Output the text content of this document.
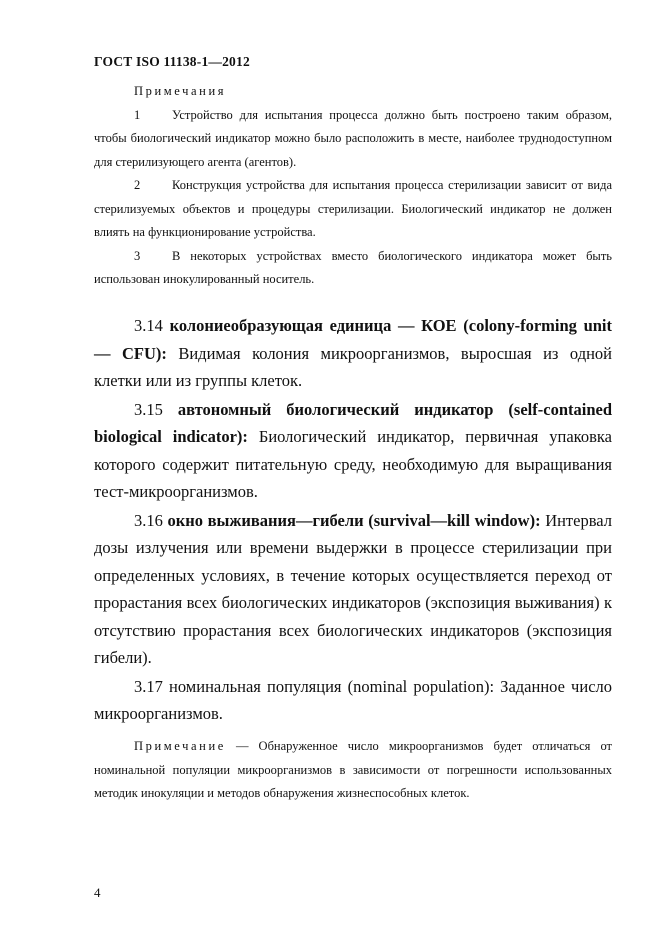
ГОСТ ISO 11138-1—2012
Примечания

1	Устройство для испытания процесса должно быть построено таким образом, чтобы биологический индикатор можно было расположить в месте, наиболее труднодоступном для стерилизующего агента (агентов).

2	Конструкция устройства для испытания процесса стерилизации зависит от вида стерилизуемых объектов и процедуры стерилизации. Биологический индикатор не должен влиять на функционирование устройства.

3	В некоторых устройствах вместо биологического индикатора может быть использован инокулированный носитель.

3.14 колониеобразующая единица — КОЕ (colony-forming unit — CFU): Видимая колония микроорганизмов, выросшая из одной клетки или из группы клеток.

3.15 автономный биологический индикатор (self-contained biological indicator): Биологический индикатор, первичная упаковка которого содержит питательную среду, необходимую для выращивания тест-микроорганизмов.

3.16 окно выживания—гибели (survival—kill window): Интервал дозы излучения или времени выдержки в процессе стерилизации при определенных условиях, в течение которых осуществляется переход от прорастания всех биологических индикаторов (экспозиция выживания) к отсутствию прорастания всех биологических индикаторов (экспозиция гибели).

3.17 номинальная популяция (nominal population): Заданное число микроорганизмов.

Примечание — Обнаруженное число микроорганизмов будет отличаться от номинальной популяции микроорганизмов в зависимости от погрешности использованных методик инокуляции и методов обнаружения жизнеспособных клеток.
4
